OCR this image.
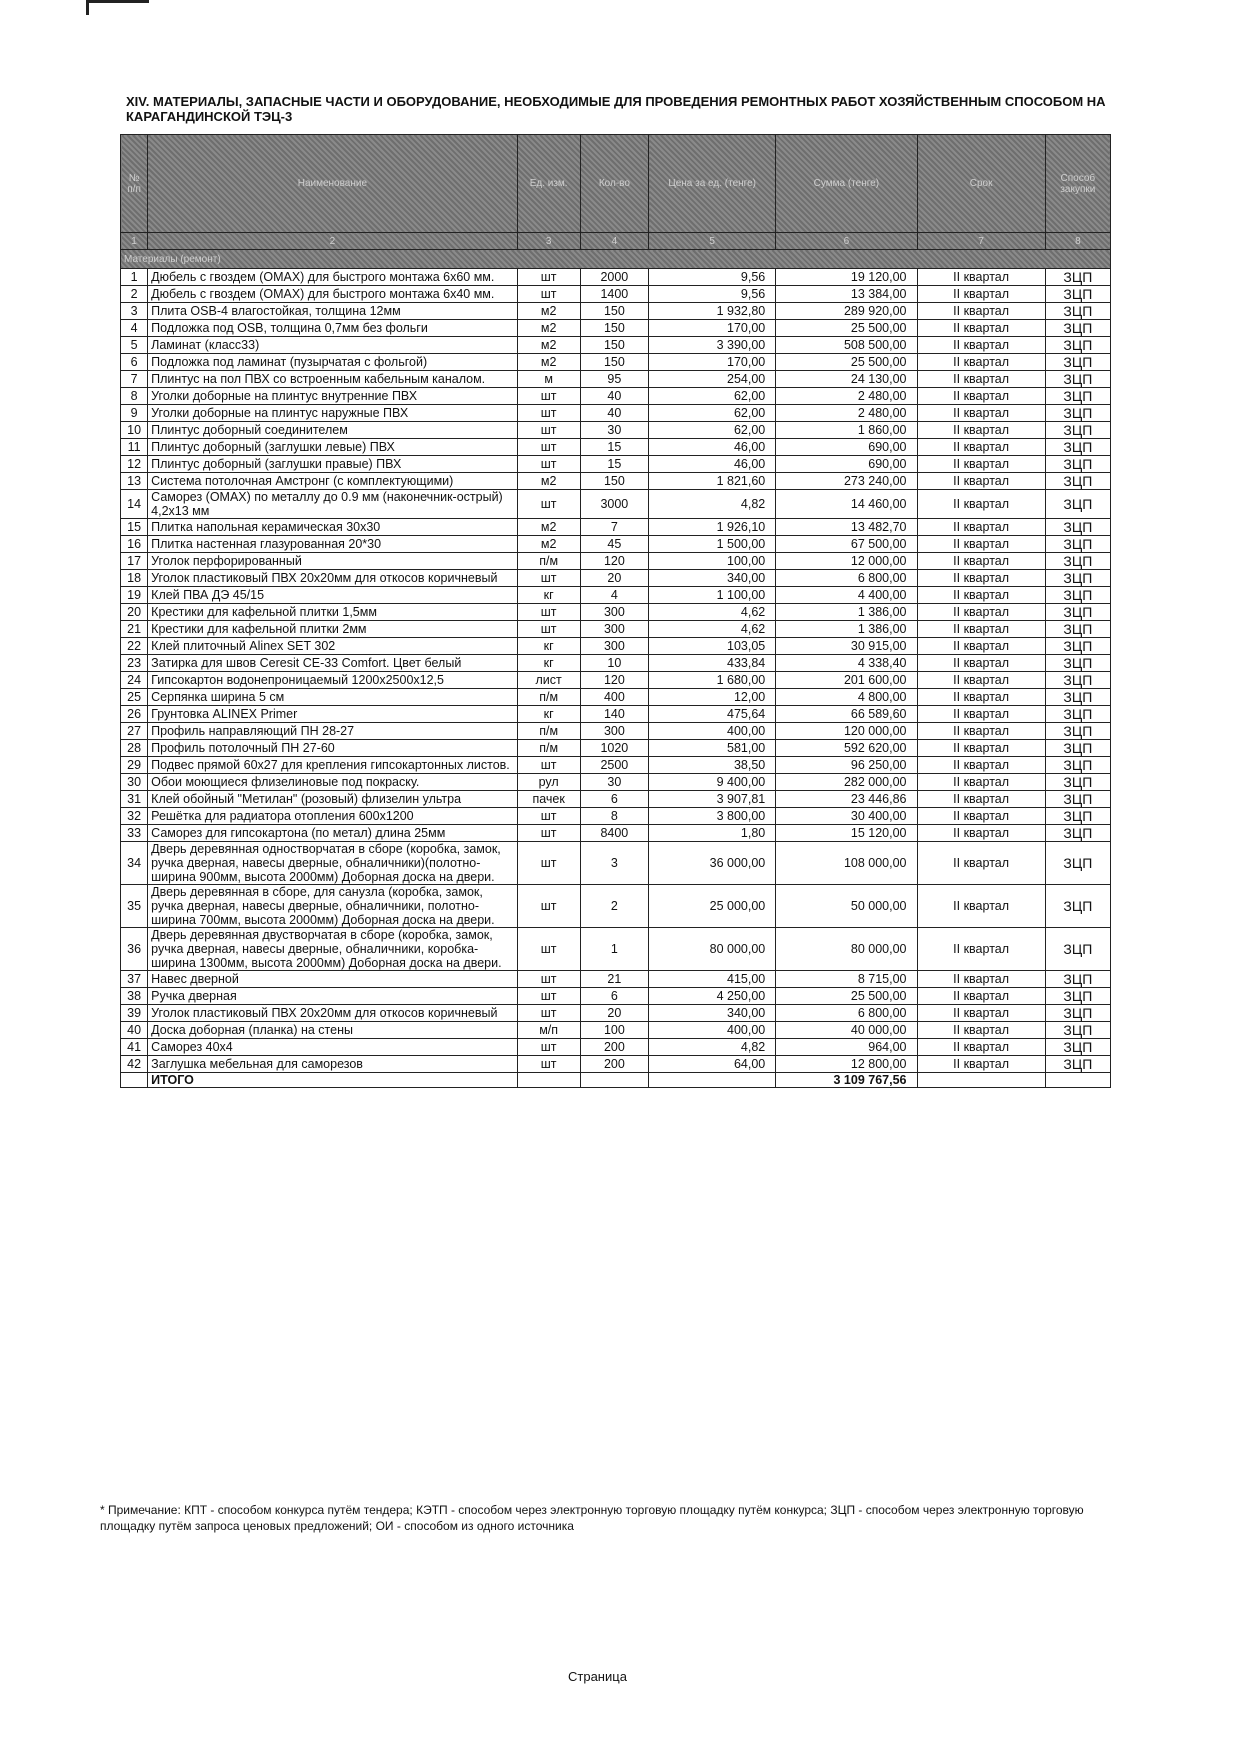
XIV. МАТЕРИАЛЫ, ЗАПАСНЫЕ ЧАСТИ И ОБОРУДОВАНИЕ, НЕОБХОДИМЫЕ ДЛЯ ПРОВЕДЕНИЯ РЕМОНТНЫХ РАБОТ ХОЗЯЙСТВЕННЫМ СПОСОБОМ НА КАРАГАНДИНСКОЙ ТЭЦ-3
№ п/п	Наименование	Ед. изм.	Кол-во	Цена за ед. (тенге)	Сумма (тенге)	Срок	Способ закупки
1	2	3	4	5	6	7	8
Материалы (ремонт)							
1	Дюбель с гвоздем (OMAX) для быстрого монтажа 6х60 мм.	шт	2000	9,56	19 120,00	II квартал	ЗЦП
2	Дюбель с гвоздем (OMAX) для быстрого монтажа 6х40 мм.	шт	1400	9,56	13 384,00	II квартал	ЗЦП
3	Плита OSB-4 влагостойкая, толщина 12мм	м2	150	1 932,80	289 920,00	II квартал	ЗЦП
4	Подложка под OSB, толщина 0,7мм без фольги	м2	150	170,00	25 500,00	II квартал	ЗЦП
5	Ламинат (класс33)	м2	150	3 390,00	508 500,00	II квартал	ЗЦП
6	Подложка под ламинат (пузырчатая с фольгой)	м2	150	170,00	25 500,00	II квартал	ЗЦП
7	Плинтус на пол ПВХ со встроенным кабельным каналом.	м	95	254,00	24 130,00	II квартал	ЗЦП
8	Уголки доборные на плинтус внутренние ПВХ	шт	40	62,00	2 480,00	II квартал	ЗЦП
9	Уголки доборные на плинтус наружные ПВХ	шт	40	62,00	2 480,00	II квартал	ЗЦП
10	Плинтус доборный соединителем	шт	30	62,00	1 860,00	II квартал	ЗЦП
11	Плинтус доборный (заглушки левые) ПВХ	шт	15	46,00	690,00	II квартал	ЗЦП
12	Плинтус доборный (заглушки правые) ПВХ	шт	15	46,00	690,00	II квартал	ЗЦП
13	Система потолочная Амстронг (с комплектующими)	м2	150	1 821,60	273 240,00	II квартал	ЗЦП
14	Саморез (OMAX) по металлу до 0.9 мм (наконечник-острый) 4,2х13 мм	шт	3000	4,82	14 460,00	II квартал	ЗЦП
15	Плитка напольная керамическая 30х30	м2	7	1 926,10	13 482,70	II квартал	ЗЦП
16	Плитка настенная глазурованная 20*30	м2	45	1 500,00	67 500,00	II квартал	ЗЦП
17	Уголок перфорированный	п/м	120	100,00	12 000,00	II квартал	ЗЦП
18	Уголок пластиковый ПВХ 20х20мм для откосов коричневый	шт	20	340,00	6 800,00	II квартал	ЗЦП
19	Клей ПВА ДЭ 45/15	кг	4	1 100,00	4 400,00	II квартал	ЗЦП
20	Крестики для кафельной плитки 1,5мм	шт	300	4,62	1 386,00	II квартал	ЗЦП
21	Крестики для кафельной плитки 2мм	шт	300	4,62	1 386,00	II квартал	ЗЦП
22	Клей плиточный Alinex SET 302	кг	300	103,05	30 915,00	II квартал	ЗЦП
23	Затирка для швов Ceresit CE-33 Comfort. Цвет белый	кг	10	433,84	4 338,40	II квартал	ЗЦП
24	Гипсокартон водонепроницаемый 1200х2500х12,5	лист	120	1 680,00	201 600,00	II квартал	ЗЦП
25	Серпянка ширина 5 см	п/м	400	12,00	4 800,00	II квартал	ЗЦП
26	Грунтовка ALINEX Primer	кг	140	475,64	66 589,60	II квартал	ЗЦП
27	Профиль направляющий ПН 28-27	п/м	300	400,00	120 000,00	II квартал	ЗЦП
28	Профиль потолочный ПН 27-60	п/м	1020	581,00	592 620,00	II квартал	ЗЦП
29	Подвес прямой 60х27 для крепления гипсокартонных листов.	шт	2500	38,50	96 250,00	II квартал	ЗЦП
30	Обои моющиеся флизелиновые под покраску.	рул	30	9 400,00	282 000,00	II квартал	ЗЦП
31	Клей обойный "Метилан" (розовый) флизелин ультра	пачек	6	3 907,81	23 446,86	II квартал	ЗЦП
32	Решётка для радиатора отопления 600х1200	шт	8	3 800,00	30 400,00	II квартал	ЗЦП
33	Саморез для гипсокартона (по метал) длина 25мм	шт	8400	1,80	15 120,00	II квартал	ЗЦП
34	Дверь деревянная одностворчатая в сборе (коробка, замок, ручка дверная, навесы дверные, обналичники)(полотно- ширина 900мм, высота 2000мм) Доборная доска на двери.	шт	3	36 000,00	108 000,00	II квартал	ЗЦП
35	Дверь деревянная в сборе, для санузла (коробка, замок, ручка дверная, навесы дверные, обналичники, полотно- ширина 700мм, высота 2000мм) Доборная доска на двери.	шт	2	25 000,00	50 000,00	II квартал	ЗЦП
36	Дверь деревянная двустворчатая в сборе (коробка, замок, ручка дверная, навесы дверные, обналичники, коробка- ширина 1300мм, высота 2000мм) Доборная доска на двери.	шт	1	80 000,00	80 000,00	II квартал	ЗЦП
37	Навес дверной	шт	21	415,00	8 715,00	II квартал	ЗЦП
38	Ручка дверная	шт	6	4 250,00	25 500,00	II квартал	ЗЦП
39	Уголок пластиковый ПВХ 20х20мм для откосов коричневый	шт	20	340,00	6 800,00	II квартал	ЗЦП
40	Доска доборная (планка) на стены	м/п	100	400,00	40 000,00	II квартал	ЗЦП
41	Саморез 40х4	шт	200	4,82	964,00	II квартал	ЗЦП
42	Заглушка мебельная для саморезов	шт	200	64,00	12 800,00	II квартал	ЗЦП
	ИТОГО				3 109 767,56		
* Примечание: КПТ - способом конкурса путём тендера; КЭТП - способом через электронную торговую площадку путём конкурса; ЗЦП - способом через электронную торговую площадку путём запроса ценовых предложений; ОИ - способом из одного источника
Страница
